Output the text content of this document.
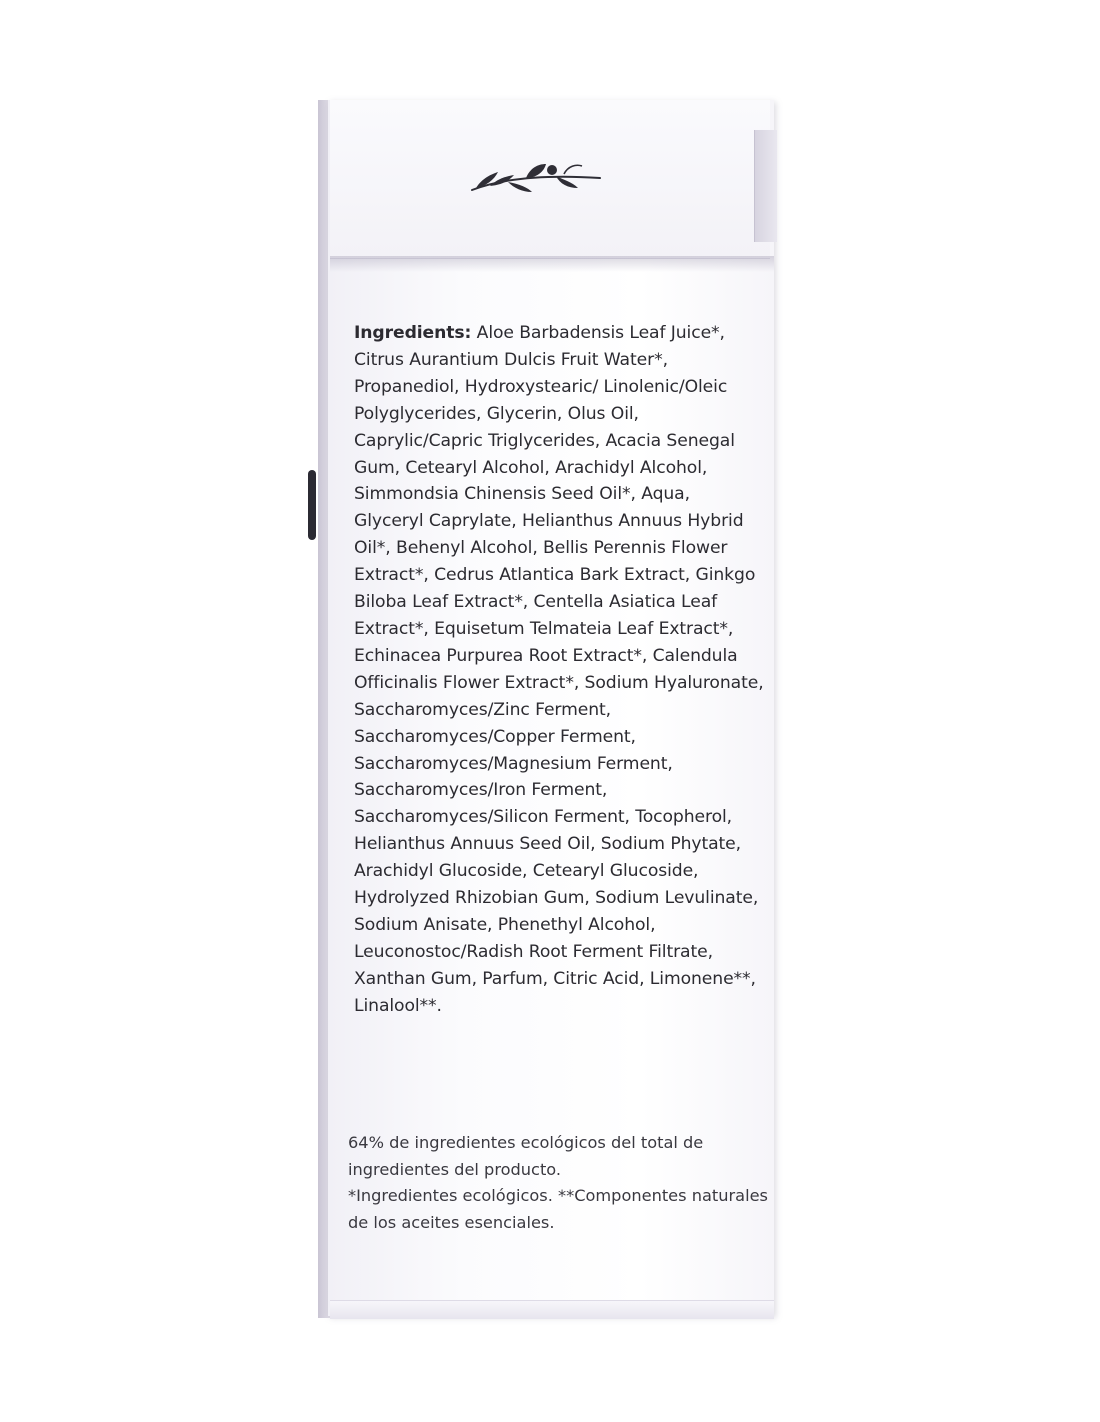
Ingredients: Aloe Barbadensis Leaf Juice*, Citrus Aurantium Dulcis Fruit Water*, Propanediol, Hydroxystearic/ Linolenic/Oleic Polyglycerides, Glycerin, Olus Oil, Caprylic/Capric Triglycerides, Acacia Senegal Gum, Cetearyl Alcohol, Arachidyl Alcohol, Simmondsia Chinensis Seed Oil*, Aqua, Glyceryl Caprylate, Helianthus Annuus Hybrid Oil*, Behenyl Alcohol, Bellis Perennis Flower Extract*, Cedrus Atlantica Bark Extract, Ginkgo Biloba Leaf Extract*, Centella Asiatica Leaf Extract*, Equisetum Telmateia Leaf Extract*, Echinacea Purpurea Root Extract*, Calendula Officinalis Flower Extract*, Sodium Hyaluronate, Saccharomyces/Zinc Ferment, Saccharomyces/Copper Ferment, Saccharomyces/Magnesium Ferment, Saccharomyces/Iron Ferment, Saccharomyces/Silicon Ferment, Tocopherol, Helianthus Annuus Seed Oil, Sodium Phytate, Arachidyl Glucoside, Cetearyl Glucoside, Hydrolyzed Rhizobian Gum, Sodium Levulinate, Sodium Anisate, Phenethyl Alcohol, Leuconostoc/Radish Root Ferment Filtrate, Xanthan Gum, Parfum, Citric Acid, Limonene**, Linalool**.

64% de ingredientes ecológicos del total de ingredientes del producto.

*Ingredientes ecológicos. **Componentes naturales de los aceites esenciales.
